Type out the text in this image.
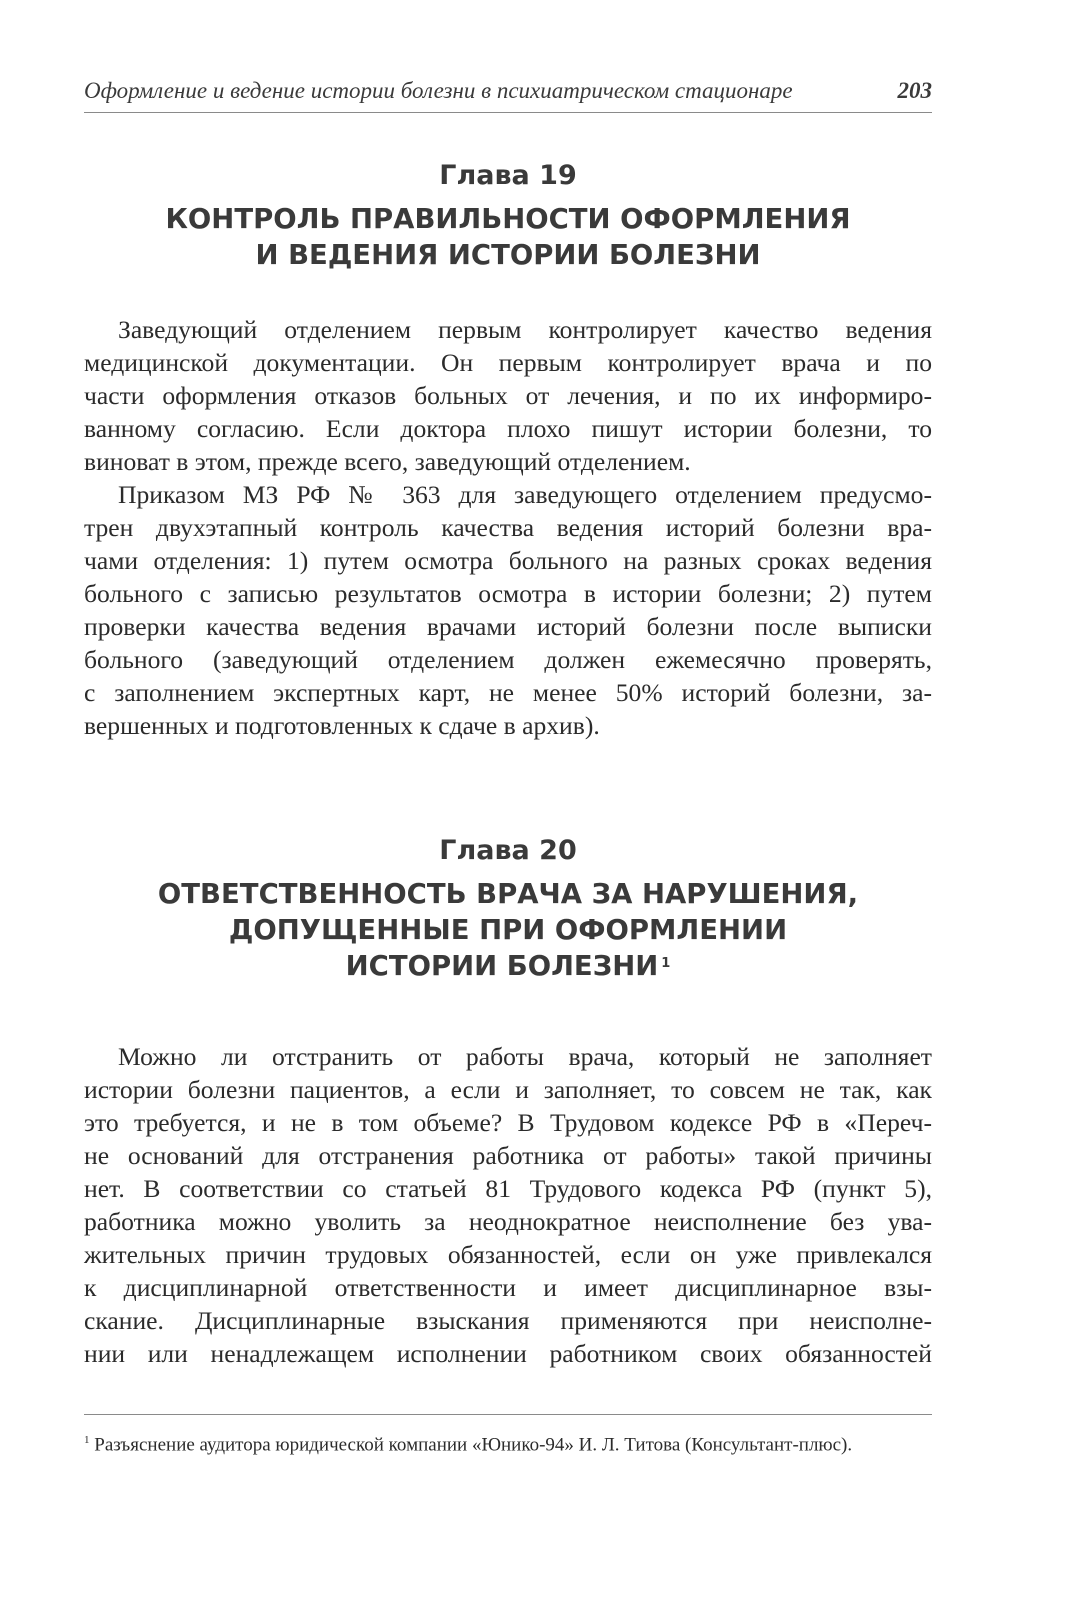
Оформление и ведение истории болезни в психиатрическом стационаре	203
Глава 19
КОНТРОЛЬ ПРАВИЛЬНОСТИ ОФОРМЛЕНИЯ
И ВЕДЕНИЯ ИСТОРИИ БОЛЕЗНИ
Заведующий отделением первым контролирует качество ведения
медицинской документации. Он первым контролирует врача и по
части оформления отказов больных от лечения, и по их информиро-
ванному согласию. Если доктора плохо пишут истории болезни, то
виноват в этом, прежде всего, заведующий отделением.
Приказом МЗ РФ № 363 для заведующего отделением предусмо-
трен двухэтапный контроль качества ведения историй болезни вра-
чами отделения: 1) путем осмотра больного на разных сроках ведения
больного с записью результатов осмотра в истории болезни; 2) путем
проверки качества ведения врачами историй болезни после выписки
больного (заведующий отделением должен ежемесячно проверять,
с заполнением экспертных карт, не менее 50% историй болезни, за-
вершенных и подготовленных к сдаче в архив).
Глава 20
ОТВЕТСТВЕННОСТЬ ВРАЧА ЗА НАРУШЕНИЯ,
ДОПУЩЕННЫЕ ПРИ ОФОРМЛЕНИИ
ИСТОРИИ БОЛЕЗНИ $^1$
Можно ли отстранить от работы врача, который не заполняет
истории болезни пациентов, а если и заполняет, то совсем не так, как
это требуется, и не в том объеме? В Трудовом кодексе РФ в «Переч-
не оснований для отстранения работника от работы» такой причины
нет. В соответствии со статьей 81 Трудового кодекса РФ (пункт 5),
работника можно уволить за неоднократное неисполнение без ува-
жительных причин трудовых обязанностей, если он уже привлекался
к дисциплинарной ответственности и имеет дисциплинарное взы-
скание. Дисциплинарные взыскания применяются при неисполне-
нии или ненадлежащем исполнении работником своих обязанностей
$^1$ Разъяснение аудитора юридической компании «Юнико-94» И. Л. Титова (Консультант-плюс).
